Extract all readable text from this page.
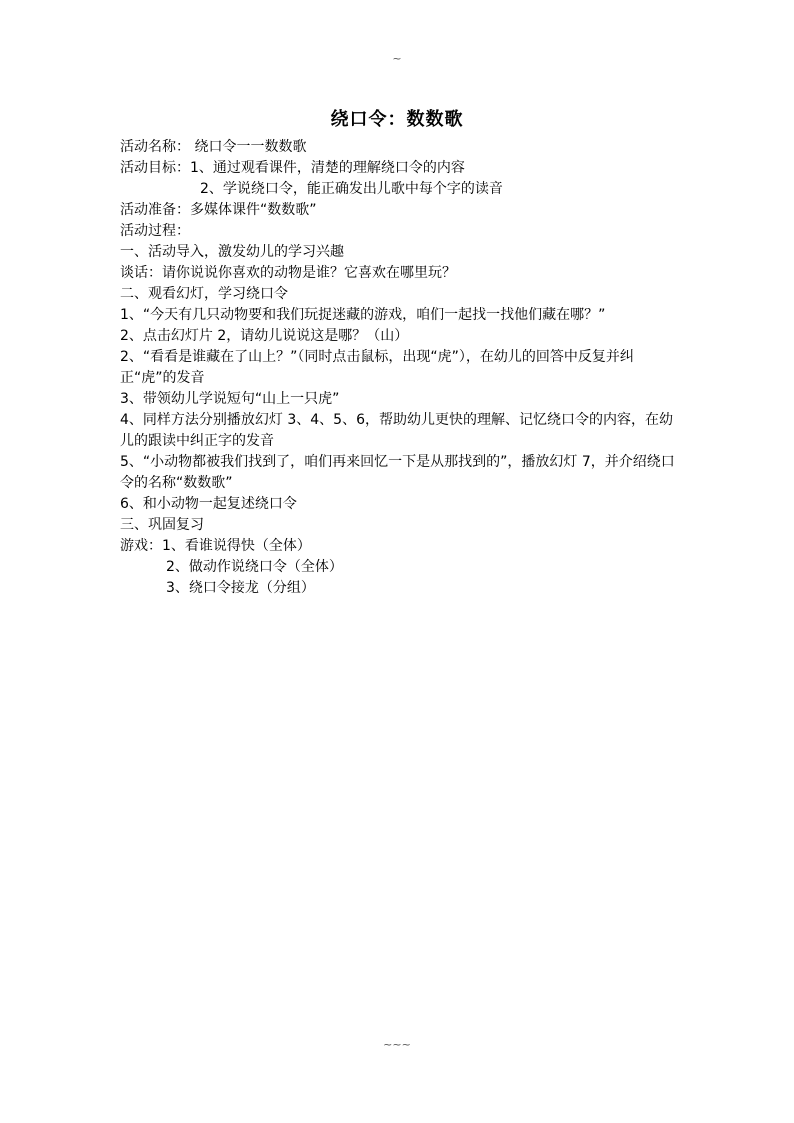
~
绕口令：数数歌
活动名称： 绕口令一一数数歌
活动目标：1、通过观看课件，清楚的理解绕口令的内容
2、学说绕口令，能正确发出儿歌中每个字的读音
活动准备：多媒体课件“数数歌”
活动过程：
一、活动导入，激发幼儿的学习兴趣
谈话：请你说说你喜欢的动物是谁？它喜欢在哪里玩？
二、观看幻灯，学习绕口令
1、“今天有几只动物要和我们玩捉迷藏的游戏，咱们一起找一找他们藏在哪？”
2、点击幻灯片 2，请幼儿说说这是哪？（山）
2、“看看是谁藏在了山上？”（同时点击鼠标，出现“虎”），在幼儿的回答中反复并纠正“虎”的发音
3、带领幼儿学说短句“山上一只虎”
4、同样方法分别播放幻灯 3、4、5、6，帮助幼儿更快的理解、记忆绕口令的内容，在幼儿的跟读中纠正字的发音
5、“小动物都被我们找到了，咱们再来回忆一下是从那找到的”，播放幻灯 7，并介绍绕口令的名称“数数歌”
6、和小动物一起复述绕口令
三、巩固复习
游戏：1、看谁说得快（全体）
2、做动作说绕口令（全体）
3、绕口令接龙（分组）
~~~
